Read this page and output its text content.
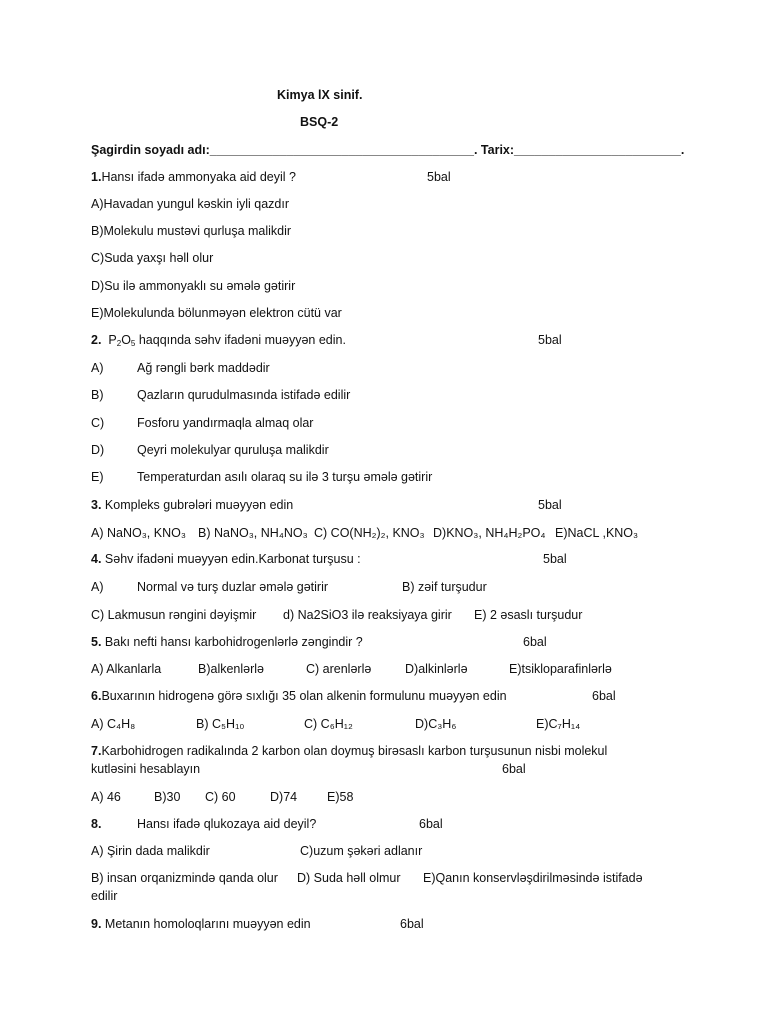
Kimya lX sinif.
BSQ-2
Şagirdin soyadı adı:______________________________________. Tarix:________________________.
1.Hansı ifadə ammonyaka aid deyil ?	5bal
A)Havadan yungul kəskin iyli qazdır
B)Molekulu mustəvi qurluşa malikdir
C)Suda yaxşı həll olur
D)Su ilə ammonyaklı su əmələ gətirir
E)Molekulunda bölunməyən elektron cütü var
2. $P_2O_5$ haqqında səhv ifadəni muəyyən edin.	5bal
A)	Ağ rəngli bərk maddədir
B)	Qazların qurudulmasında istifadə edilir
C)	Fosforu yandırmaqla almaq olar
D)	Qeyri molekulyar quruluşa malikdir
E)	Temperaturdan asılı olaraq su ilə 3 turşu əmələ gətirir
3. Kompleks gubrələri muəyyən edin	5bal
A) NaNO₃, KNO₃ B) NaNO₃, NH₄NO₃ C) CO(NH₂)₂, KNO₃ D)KNO₃, NH₄H₂PO₄ E)NaCL ,KNO₃
4. Səhv ifadəni muəyyən edin.Karbonat turşusu :	5bal
A)	Normal və turş duzlar əmələ gətirir	B) zəif turşudur
C) Lakmusun rəngini dəyişmir d) Na2SiO3 ilə reaksiyaya girir E) 2 əsaslı turşudur
5. Bakı nefti hansı karbohidrogenlərlə zəngindir ?	6bal
A) Alkanlarla	B)alkenlərlə	C) arenlərlə	D)alkinlərlə	E)tsikloparafinlərlə
6.Buxarının hidrogenə görə sıxlığı 35 olan alkenin formulunu muəyyən edin	6bal
A) C₄H₈	B) C₅H₁₀	C) C₆H₁₂	D)C₃H₆	E)C₇H₁₄
7.Karbohidrogen radikalında 2 karbon olan doymuş birəsaslı karbon turşusunun nisbi molekul
kutləsini hesablayın	6bal
A) 46	B)30 C) 60	D)74 E)58
8.	Hansı ifadə qlukozaya aid deyil?	6bal
A) Şirin dada malikdir	C)uzum şəkəri adlanır
B) insan orqanizmində qanda olur D) Suda həll olmur E)Qanın konservləşdirilməsində istifadə
edilir
9. Metanın homoloqlarını muəyyən edin	6bal
